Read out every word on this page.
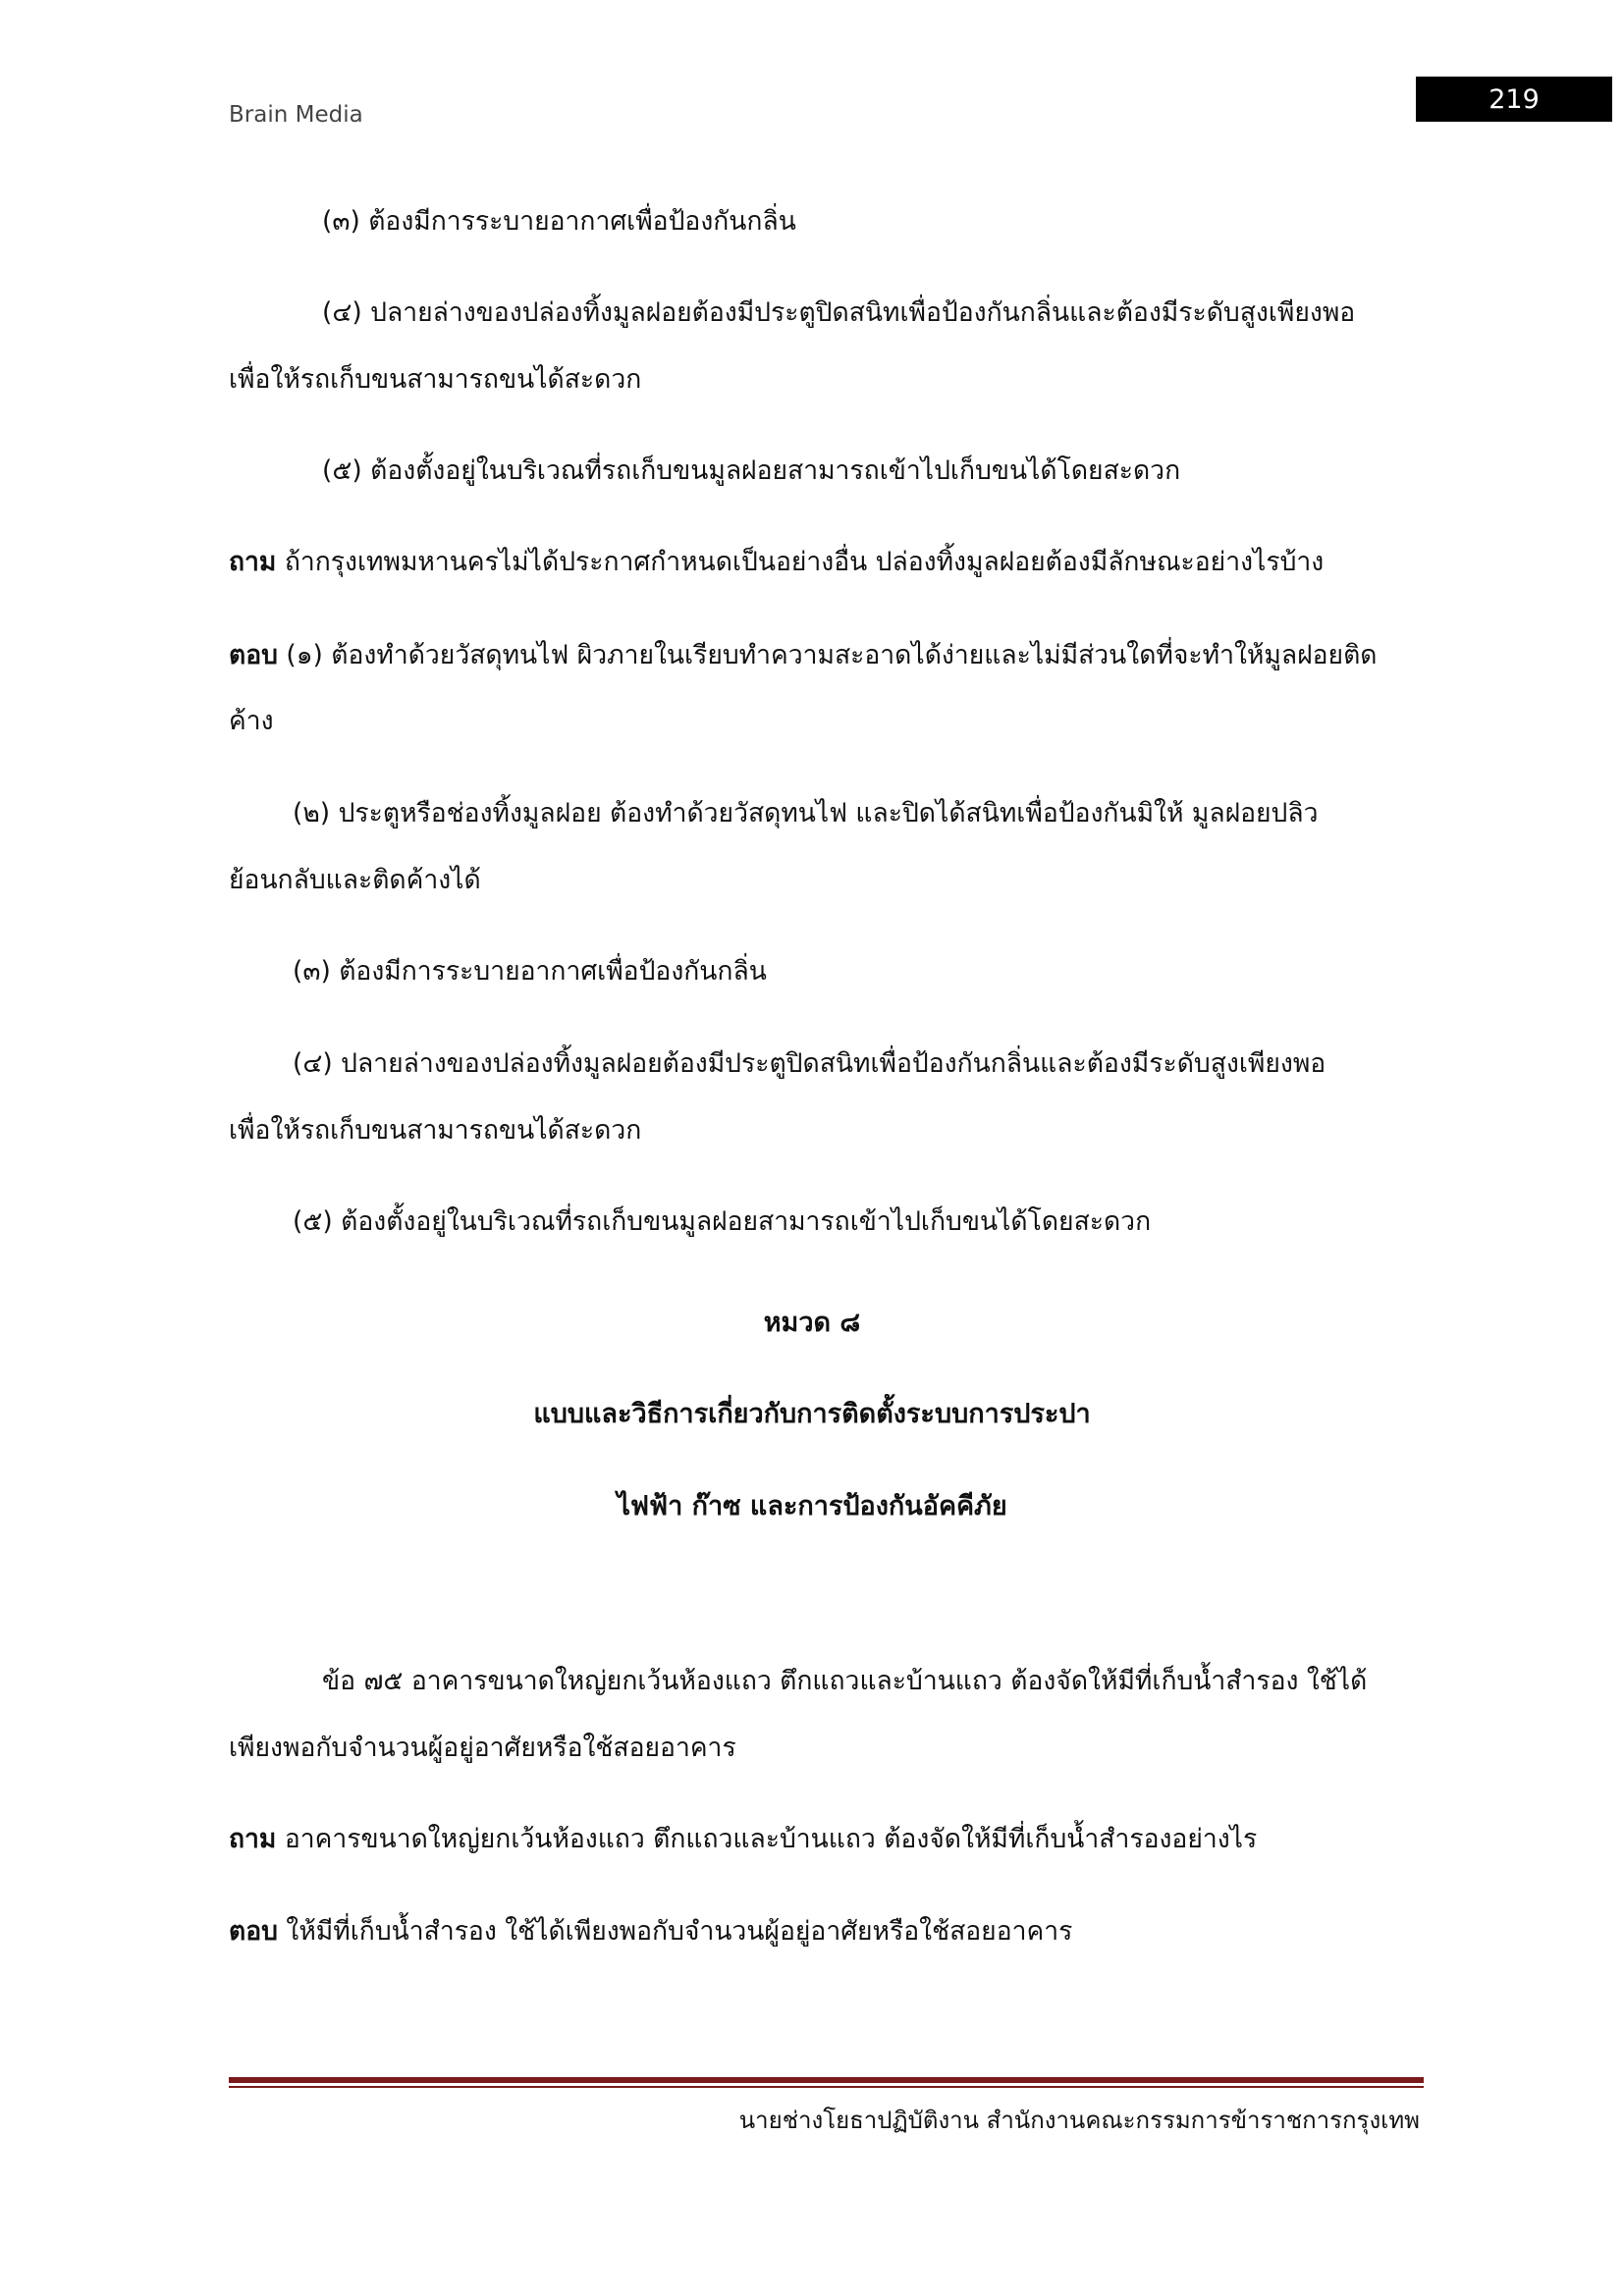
Brain Media
219
(๓) ต้องมีการระบายอากาศเพื่อป้องกันกลิ่น
(๔) ปลายล่างของปล่องทิ้งมูลฝอยต้องมีประตูปิดสนิทเพื่อป้องกันกลิ่นและต้องมีระดับสูงเพียงพอ
เพื่อให้รถเก็บขนสามารถขนได้สะดวก
(๕) ต้องตั้งอยู่ในบริเวณที่รถเก็บขนมูลฝอยสามารถเข้าไปเก็บขนได้โดยสะดวก
ถาม ถ้ากรุงเทพมหานครไม่ได้ประกาศกำหนดเป็นอย่างอื่น ปล่องทิ้งมูลฝอยต้องมีลักษณะอย่างไรบ้าง
ตอบ (๑) ต้องทำด้วยวัสดุทนไฟ ผิวภายในเรียบทำความสะอาดได้ง่ายและไม่มีส่วนใดที่จะทำให้มูลฝอยติด
ค้าง
(๒) ประตูหรือช่องทิ้งมูลฝอย ต้องทำด้วยวัสดุทนไฟ และปิดได้สนิทเพื่อป้องกันมิให้ มูลฝอยปลิว
ย้อนกลับและติดค้างได้
(๓) ต้องมีการระบายอากาศเพื่อป้องกันกลิ่น
(๔) ปลายล่างของปล่องทิ้งมูลฝอยต้องมีประตูปิดสนิทเพื่อป้องกันกลิ่นและต้องมีระดับสูงเพียงพอ
เพื่อให้รถเก็บขนสามารถขนได้สะดวก
(๕) ต้องตั้งอยู่ในบริเวณที่รถเก็บขนมูลฝอยสามารถเข้าไปเก็บขนได้โดยสะดวก
หมวด ๘
แบบและวิธีการเกี่ยวกับการติดตั้งระบบการประปา
ไฟฟ้า ก๊าซ และการป้องกันอัคคีภัย
ข้อ ๗๕ อาคารขนาดใหญ่ยกเว้นห้องแถว ตึกแถวและบ้านแถว ต้องจัดให้มีที่เก็บน้ำสำรอง ใช้ได้
เพียงพอกับจำนวนผู้อยู่อาศัยหรือใช้สอยอาคาร
ถาม อาคารขนาดใหญ่ยกเว้นห้องแถว ตึกแถวและบ้านแถว ต้องจัดให้มีที่เก็บน้ำสำรองอย่างไร
ตอบ ให้มีที่เก็บน้ำสำรอง ใช้ได้เพียงพอกับจำนวนผู้อยู่อาศัยหรือใช้สอยอาคาร
นายช่างโยธาปฏิบัติงาน สำนักงานคณะกรรมการข้าราชการกรุงเทพ
